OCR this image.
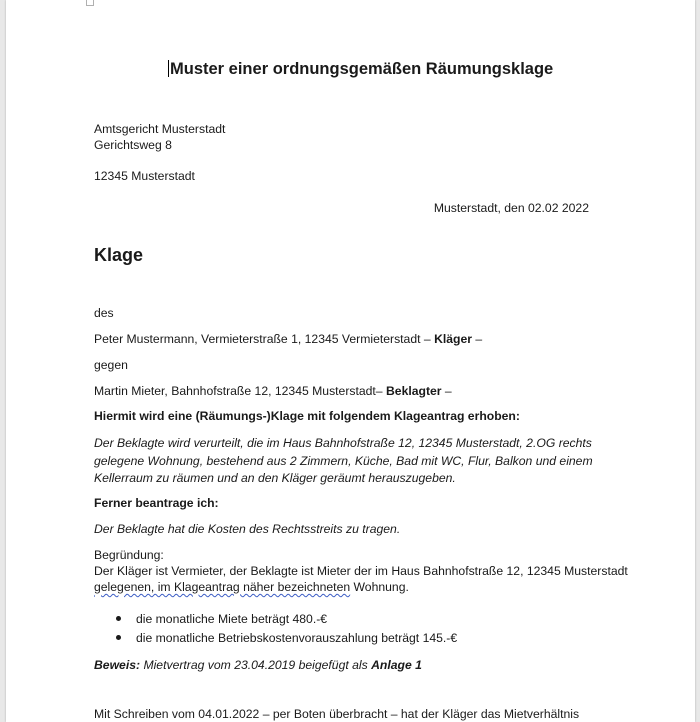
Muster einer ordnungsgemäßen Räumungsklage
Amtsgericht Musterstadt
Gerichtsweg 8
12345 Musterstadt
Musterstadt, den 02.02 2022
Klage
des
Peter Mustermann, Vermieterstraße 1, 12345 Vermieterstadt – Kläger –
gegen
Martin Mieter, Bahnhofstraße 12, 12345 Musterstadt– Beklagter –
Hiermit wird eine (Räumungs-)Klage mit folgendem Klageantrag erhoben:
Der Beklagte wird verurteilt, die im Haus Bahnhofstraße 12, 12345 Musterstadt, 2.OG rechts
gelegene Wohnung, bestehend aus 2 Zimmern, Küche, Bad mit WC, Flur, Balkon und einem
Kellerraum zu räumen und an den Kläger geräumt herauszugeben.
Ferner beantrage ich:
Der Beklagte hat die Kosten des Rechtsstreits zu tragen.
Begründung:
Der Kläger ist Vermieter, der Beklagte ist Mieter der im Haus Bahnhofstraße 12, 12345 Musterstadt
gelegenen, im Klageantrag näher bezeichneten Wohnung.
die monatliche Miete beträgt 480.-€
die monatliche Betriebskostenvorauszahlung beträgt 145.-€
Beweis: Mietvertrag vom 23.04.2019 beigefügt als Anlage 1
Mit Schreiben vom 04.01.2022 – per Boten überbracht – hat der Kläger das Mietverhältnis
